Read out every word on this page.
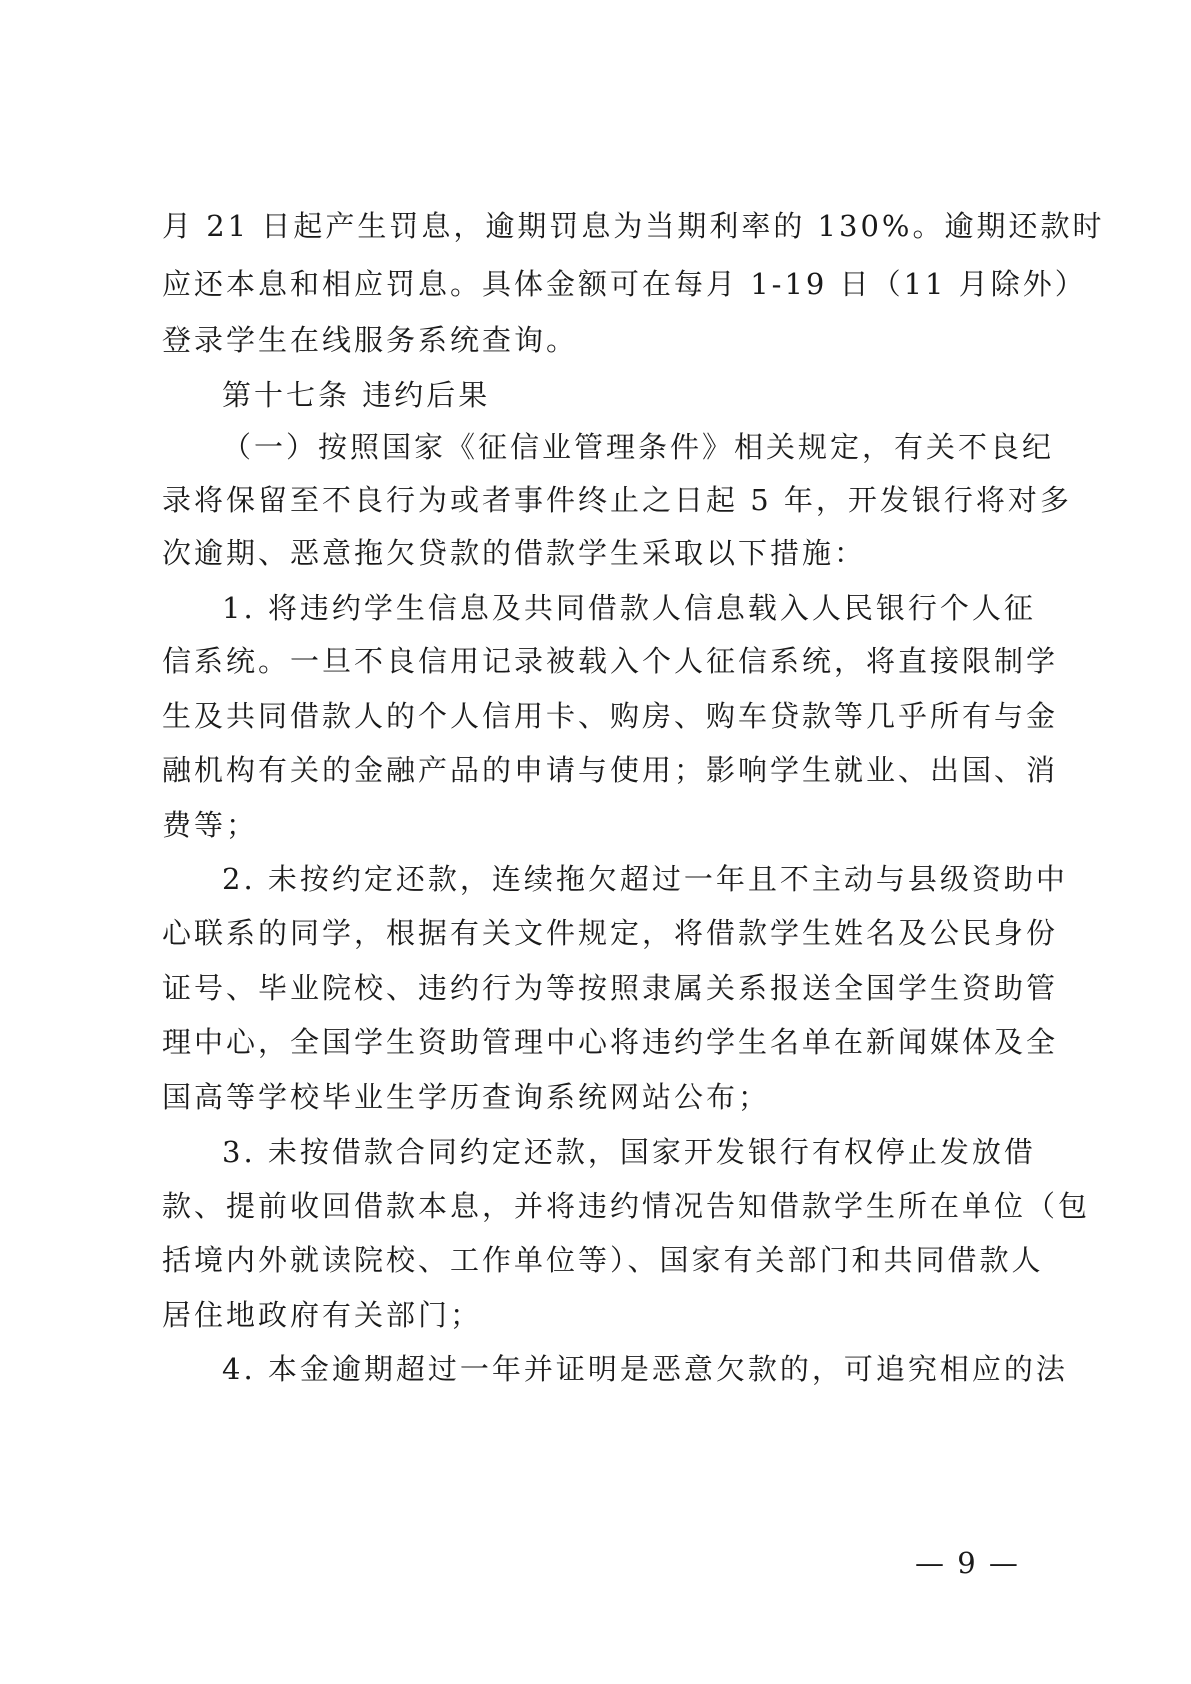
月 21 日起产生罚息，逾期罚息为当期利率的 130%。逾期还款时
应还本息和相应罚息。具体金额可在每月 1-19 日（11 月除外）
登录学生在线服务系统查询。
第十七条 违约后果
（一）按照国家《征信业管理条件》相关规定，有关不良纪
录将保留至不良行为或者事件终止之日起 5 年，开发银行将对多
次逾期、恶意拖欠贷款的借款学生采取以下措施：
1. 将违约学生信息及共同借款人信息载入人民银行个人征
信系统。一旦不良信用记录被载入个人征信系统，将直接限制学
生及共同借款人的个人信用卡、购房、购车贷款等几乎所有与金
融机构有关的金融产品的申请与使用；影响学生就业、出国、消
费等；
2. 未按约定还款，连续拖欠超过一年且不主动与县级资助中
心联系的同学，根据有关文件规定，将借款学生姓名及公民身份
证号、毕业院校、违约行为等按照隶属关系报送全国学生资助管
理中心，全国学生资助管理中心将违约学生名单在新闻媒体及全
国高等学校毕业生学历查询系统网站公布；
3. 未按借款合同约定还款，国家开发银行有权停止发放借
款、提前收回借款本息，并将违约情况告知借款学生所在单位（包
括境内外就读院校、工作单位等）、国家有关部门和共同借款人
居住地政府有关部门；
4. 本金逾期超过一年并证明是恶意欠款的，可追究相应的法
— 9 —
